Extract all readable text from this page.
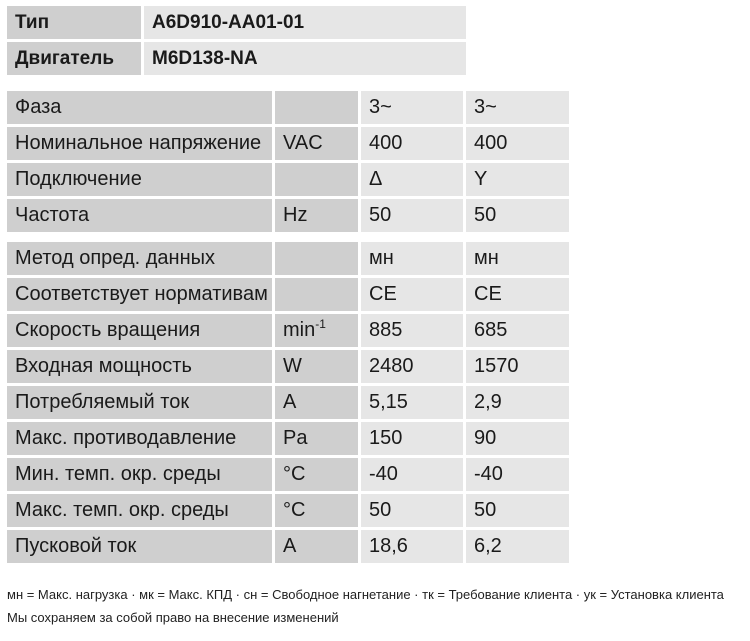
Тип	A6D910-AA01-01
Двигатель	M6D138-NA
Фаза		3~	3~
Номинальное напряжение	VAC	400	400
Подключение		Δ	Y
Частота	Hz	50	50
Метод опред. данных		мн	мн
Соответствует нормативам		CE	CE
Скорость вращения	$\min^{-1}$	885	685
Входная мощность	W	2480	1570
Потребляемый ток	A	5,15	2,9
Макс. противодавление	Pa	150	90
Мин. темп. окр. среды	°C	-40	-40
Макс. темп. окр. среды	°C	50	50
Пусковой ток	A	18,6	6,2
мн = Макс. нагрузка · мк = Макс. КПД · сн = Свободное нагнетание · тк = Требование клиента · ук = Установка клиента
Мы сохраняем за собой право на внесение изменений
